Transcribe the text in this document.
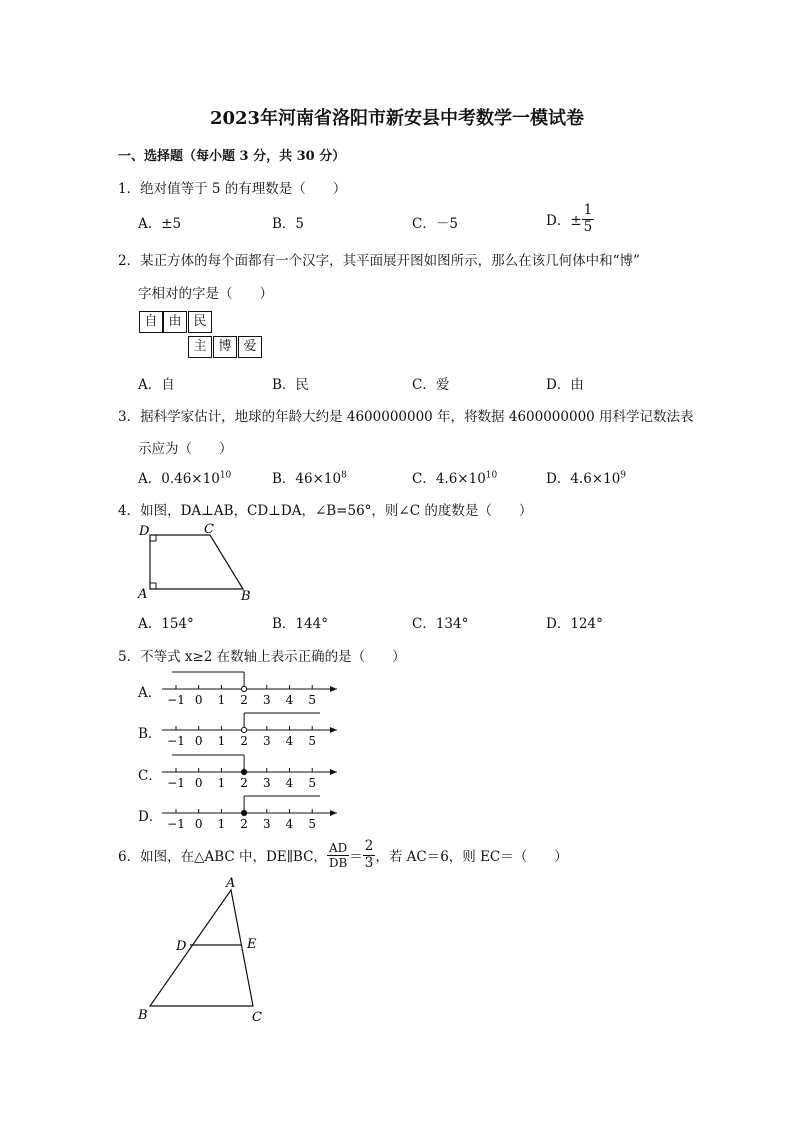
2023年河南省洛阳市新安县中考数学一模试卷
一、选择题（每小题 3 分，共 30 分）
1．绝对值等于 5 的有理数是（　　）
A．±5	B．5	C．－5	D．± $\frac{1}{5}$
2．某正方体的每个面都有一个汉字，其平面展开图如图所示，那么在该几何体中和“博”
字相对的字是（　　）
自 由 民
主 博 爱
A．自	B．民	C．爱	D．由
3．据科学家估计，地球的年龄大约是 4600000000 年，将数据 4600000000 用科学记数法表
示应为（　　）
A．$0.46\times 10^{10}$	B．$46\times 10^8$	C．$4.6\times 10^{10}$	D．$4.6\times 10^9$
4．如图，DA⊥AB，CD⊥DA，∠B=56°，则∠C 的度数是（　　）
D	C
A	B
A．154°	B．144°	C．134°	D．124°
5．不等式 x≥2 在数轴上表示正确的是（　　）
A．
B．
C．
D．
−1 0 1 2 3 4 5
−1 0 1 2 3 4 5
−1 0 1 2 3 4 5
−1 0 1 2 3 4 5
6．如图，在△ABC 中，DE∥BC， $\frac{AD}{DB} = \frac{2}{3}$ ，若 AC＝6，则 EC＝（　　）
A
B	C
D	E
